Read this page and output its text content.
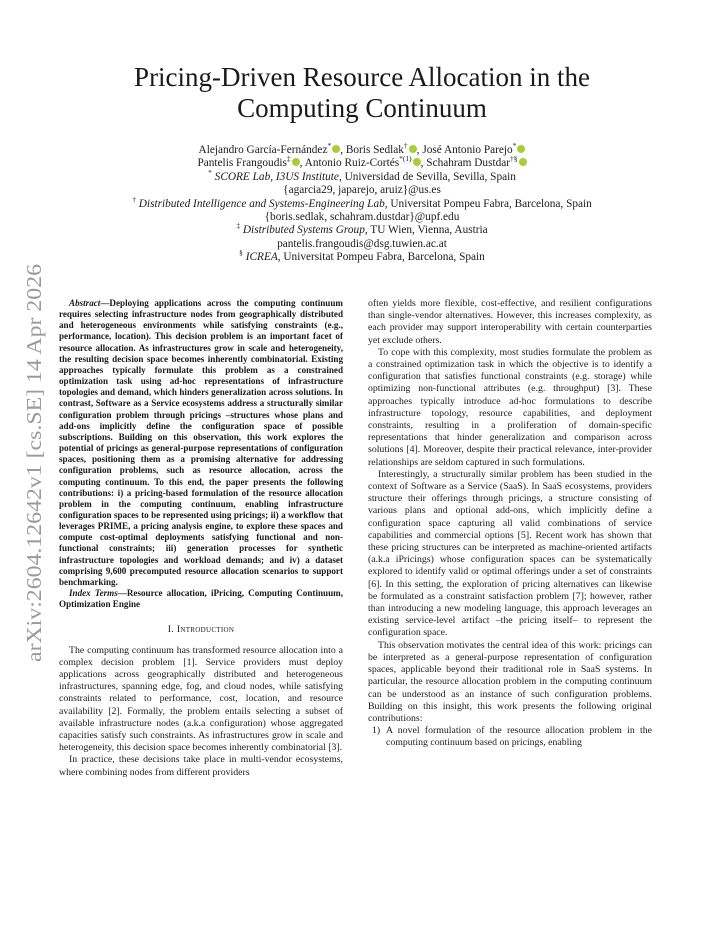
arXiv:2604.12642v1 [cs.SE] 14 Apr 2026
Pricing-Driven Resource Allocation in the
Computing Continuum
Alejandro García-Fernández* , Boris Sedlak† , José Antonio Parejo*
Pantelis Frangoudis‡ , Antonio Ruiz-Cortés$^{*(1)}$ , Schahram Dustdar†§
* SCORE Lab, I3US Institute, Universidad de Sevilla, Sevilla, Spain
{agarcia29, japarejo, aruiz}@us.es
† Distributed Intelligence and Systems-Engineering Lab, Universitat Pompeu Fabra, Barcelona, Spain
{boris.sedlak, schahram.dustdar}@upf.edu
‡ Distributed Systems Group, TU Wien, Vienna, Austria
pantelis.frangoudis@dsg.tuwien.ac.at
§ ICREA, Universitat Pompeu Fabra, Barcelona, Spain

Abstract—Deploying applications across the computing continuum requires selecting infrastructure nodes from geographically distributed and heterogeneous environments while satisfying constraints (e.g., performance, location). This decision problem is an important facet of resource allocation. As infrastructures grow in scale and heterogeneity, the resulting decision space becomes inherently combinatorial. Existing approaches typically formulate this problem as a constrained optimization task using ad-hoc representations of infrastructure topologies and demand, which hinders generalization across solutions. In contrast, Software as a Service ecosystems address a structurally similar configuration problem through pricings –structures whose plans and add-ons implicitly define the configuration space of possible subscriptions. Building on this observation, this work explores the potential of pricings as general-purpose representations of configuration spaces, positioning them as a promising alternative for addressing configuration problems, such as resource allocation, across the computing continuum. To this end, the paper presents the following contributions: i) a pricing-based formulation of the resource allocation problem in the computing continuum, enabling infrastructure configuration spaces to be represented using pricings; ii) a workflow that leverages PRIME, a pricing analysis engine, to explore these spaces and compute cost-optimal deployments satisfying functional and non-functional constraints; iii) generation processes for synthetic infrastructure topologies and workload demands; and iv) a dataset comprising 9,600 precomputed resource allocation scenarios to support benchmarking.

Index Terms—Resource allocation, iPricing, Computing Continuum, Optimization Engine

I. Introduction

The computing continuum has transformed resource allocation into a complex decision problem [1]. Service providers must deploy applications across geographically distributed and heterogeneous infrastructures, spanning edge, fog, and cloud nodes, while satisfying constraints related to performance, cost, location, and resource availability [2]. Formally, the problem entails selecting a subset of available infrastructure nodes (a.k.a configuration) whose aggregated capacities satisfy such constraints. As infrastructures grow in scale and heterogeneity, this decision space becomes inherently combinatorial [3].

In practice, these decisions take place in multi-vendor ecosystems, where combining nodes from different providers

often yields more flexible, cost-effective, and resilient configurations than single-vendor alternatives. However, this increases complexity, as each provider may support interoperability with certain counterparties yet exclude others.

To cope with this complexity, most studies formulate the problem as a constrained optimization task in which the objective is to identify a configuration that satisfies functional constraints (e.g. storage) while optimizing non-functional attributes (e.g. throughput) [3]. These approaches typically introduce ad-hoc formulations to describe infrastructure topology, resource capabilities, and deployment constraints, resulting in a proliferation of domain-specific representations that hinder generalization and comparison across solutions [4]. Moreover, despite their practical relevance, inter-provider relationships are seldom captured in such formulations.

Interestingly, a structurally similar problem has been studied in the context of Software as a Service (SaaS). In SaaS ecosystems, providers structure their offerings through pricings, a structure consisting of various plans and optional add-ons, which implicitly define a configuration space capturing all valid combinations of service capabilities and commercial options [5]. Recent work has shown that these pricing structures can be interpreted as machine-oriented artifacts (a.k.a iPricings) whose configuration spaces can be systematically explored to identify valid or optimal offerings under a set of constraints [6]. In this setting, the exploration of pricing alternatives can likewise be formulated as a constraint satisfaction problem [7]; however, rather than introducing a new modeling language, this approach leverages an existing service-level artifact –the pricing itself– to represent the configuration space.

This observation motivates the central idea of this work: pricings can be interpreted as a general-purpose representation of configuration spaces, applicable beyond their traditional role in SaaS systems. In particular, the resource allocation problem in the computing continuum can be understood as an instance of such configuration problems. Building on this insight, this work presents the following original contributions:

1) A novel formulation of the resource allocation problem in the computing continuum based on pricings, enabling
